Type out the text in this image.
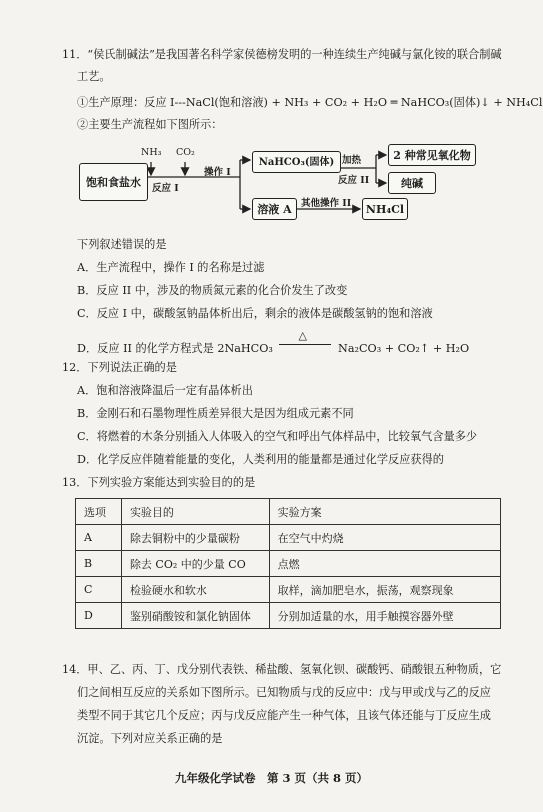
11．“侯氏制碱法”是我国著名科学家侯德榜发明的一种连续生产纯碱与氯化铵的联合制碱
工艺。
①生产原理：反应 I---NaCl(饱和溶液) + NH₃ + CO₂ + H₂O ═ NaHCO₃(固体)↓ + NH₄Cl
②主要生产流程如下图所示：
饱和食盐水
NH₃ CO₂
反应 I
操作 I
NaHCO₃(固体) 加热
反应 II
2 种常见氧化物
纯碱
溶液 A 其他操作 II	NH₄Cl
下列叙述错误的是
A．生产流程中，操作 I 的名称是过滤
B．反应 II 中，涉及的物质氮元素的化合价发生了改变
C．反应 I 中，碳酸氢钠晶体析出后，剩余的液体是碳酸氢钠的饱和溶液
D．反应 II 的化学方程式是 2NaHCO₃
△
Na₂CO₃ + CO₂↑ + H₂O
12．下列说法正确的是
A．饱和溶液降温后一定有晶体析出
B．金刚石和石墨物理性质差异很大是因为组成元素不同
C．将燃着的木条分别插入人体吸入的空气和呼出气体样品中，比较氧气含量多少
D．化学反应伴随着能量的变化，人类利用的能量都是通过化学反应获得的
13．下列实验方案能达到实验目的的是
选项	实验目的	实验方案
A	除去铜粉中的少量碳粉	在空气中灼烧
B	除去 CO₂ 中的少量 CO	点燃
C	检验硬水和软水	取样，滴加肥皂水，振荡，观察现象
D	鉴别硝酸铵和氯化钠固体	分别加适量的水，用手触摸容器外壁
14．甲、乙、丙、丁、戊分别代表铁、稀盐酸、氢氧化钡、碳酸钙、硝酸银五种物质，它
们之间相互反应的关系如下图所示。已知物质与戊的反应中：戊与甲或戊与乙的反应
类型不同于其它几个反应；丙与戊反应能产生一种气体，且该气体还能与丁反应生成
沉淀。下列对应关系正确的是
九年级化学试卷　第 3 页（共 8 页）
